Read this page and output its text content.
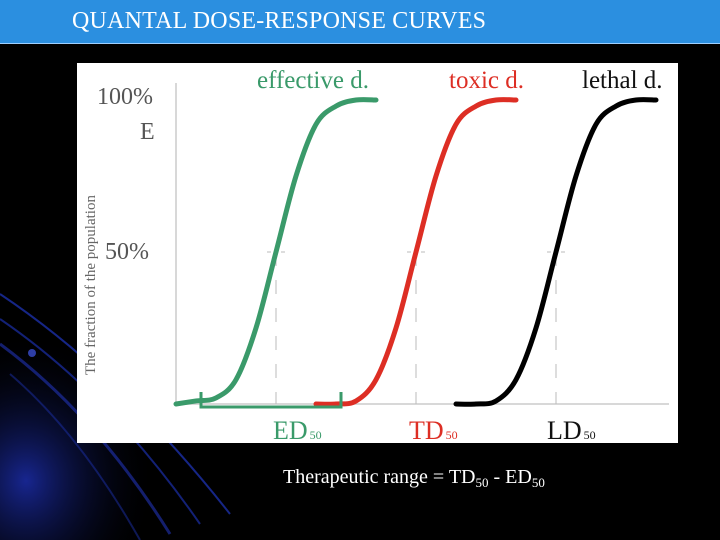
QUANTAL DOSE-RESPONSE CURVES
The fraction of the population
100%
E
50%
effective d.
ED 50
toxic d.
TD 50
lethal d.
LD 50
Therapeutic range = $TD_{50} - ED_{50}$
